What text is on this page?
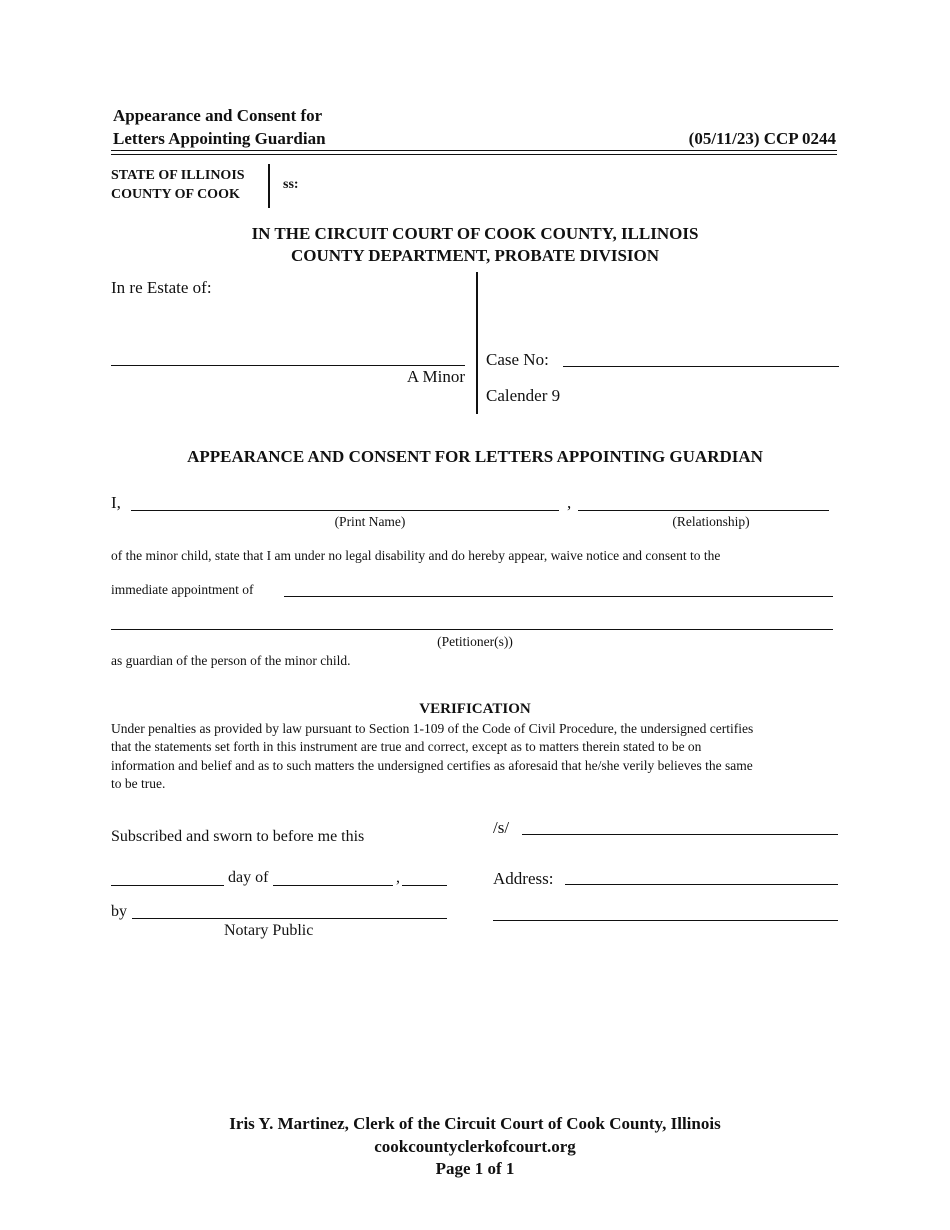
Appearance and Consent for
Letters Appointing Guardian	(05/11/23) CCP 0244
STATE OF ILLINOIS
COUNTY OF COOK
ss:
IN THE CIRCUIT COURT OF COOK COUNTY, ILLINOIS
COUNTY DEPARTMENT, PROBATE DIVISION
In re Estate of:
A Minor
Case No:
Calender 9
APPEARANCE AND CONSENT FOR LETTERS APPOINTING GUARDIAN
I,	,
(Print Name)	(Relationship)
of the minor child, state that I am under no legal disability and do hereby appear, waive notice and consent to the
immediate appointment of
(Petitioner(s))
as guardian of the person of the minor child.
VERIFICATION
Under penalties as provided by law pursuant to Section 1-109 of the Code of Civil Procedure, the undersigned certifies
that the statements set forth in this instrument are true and correct, except as to matters therein stated to be on
information and belief and as to such matters the undersigned certifies as aforesaid that he/she verily believes the same
to be true.
Subscribed and sworn to before me this
day of	,
by
Notary Public
/s/
Address:
Iris Y. Martinez, Clerk of the Circuit Court of Cook County, Illinois
cookcountyclerkofcourt.org
Page 1 of 1
